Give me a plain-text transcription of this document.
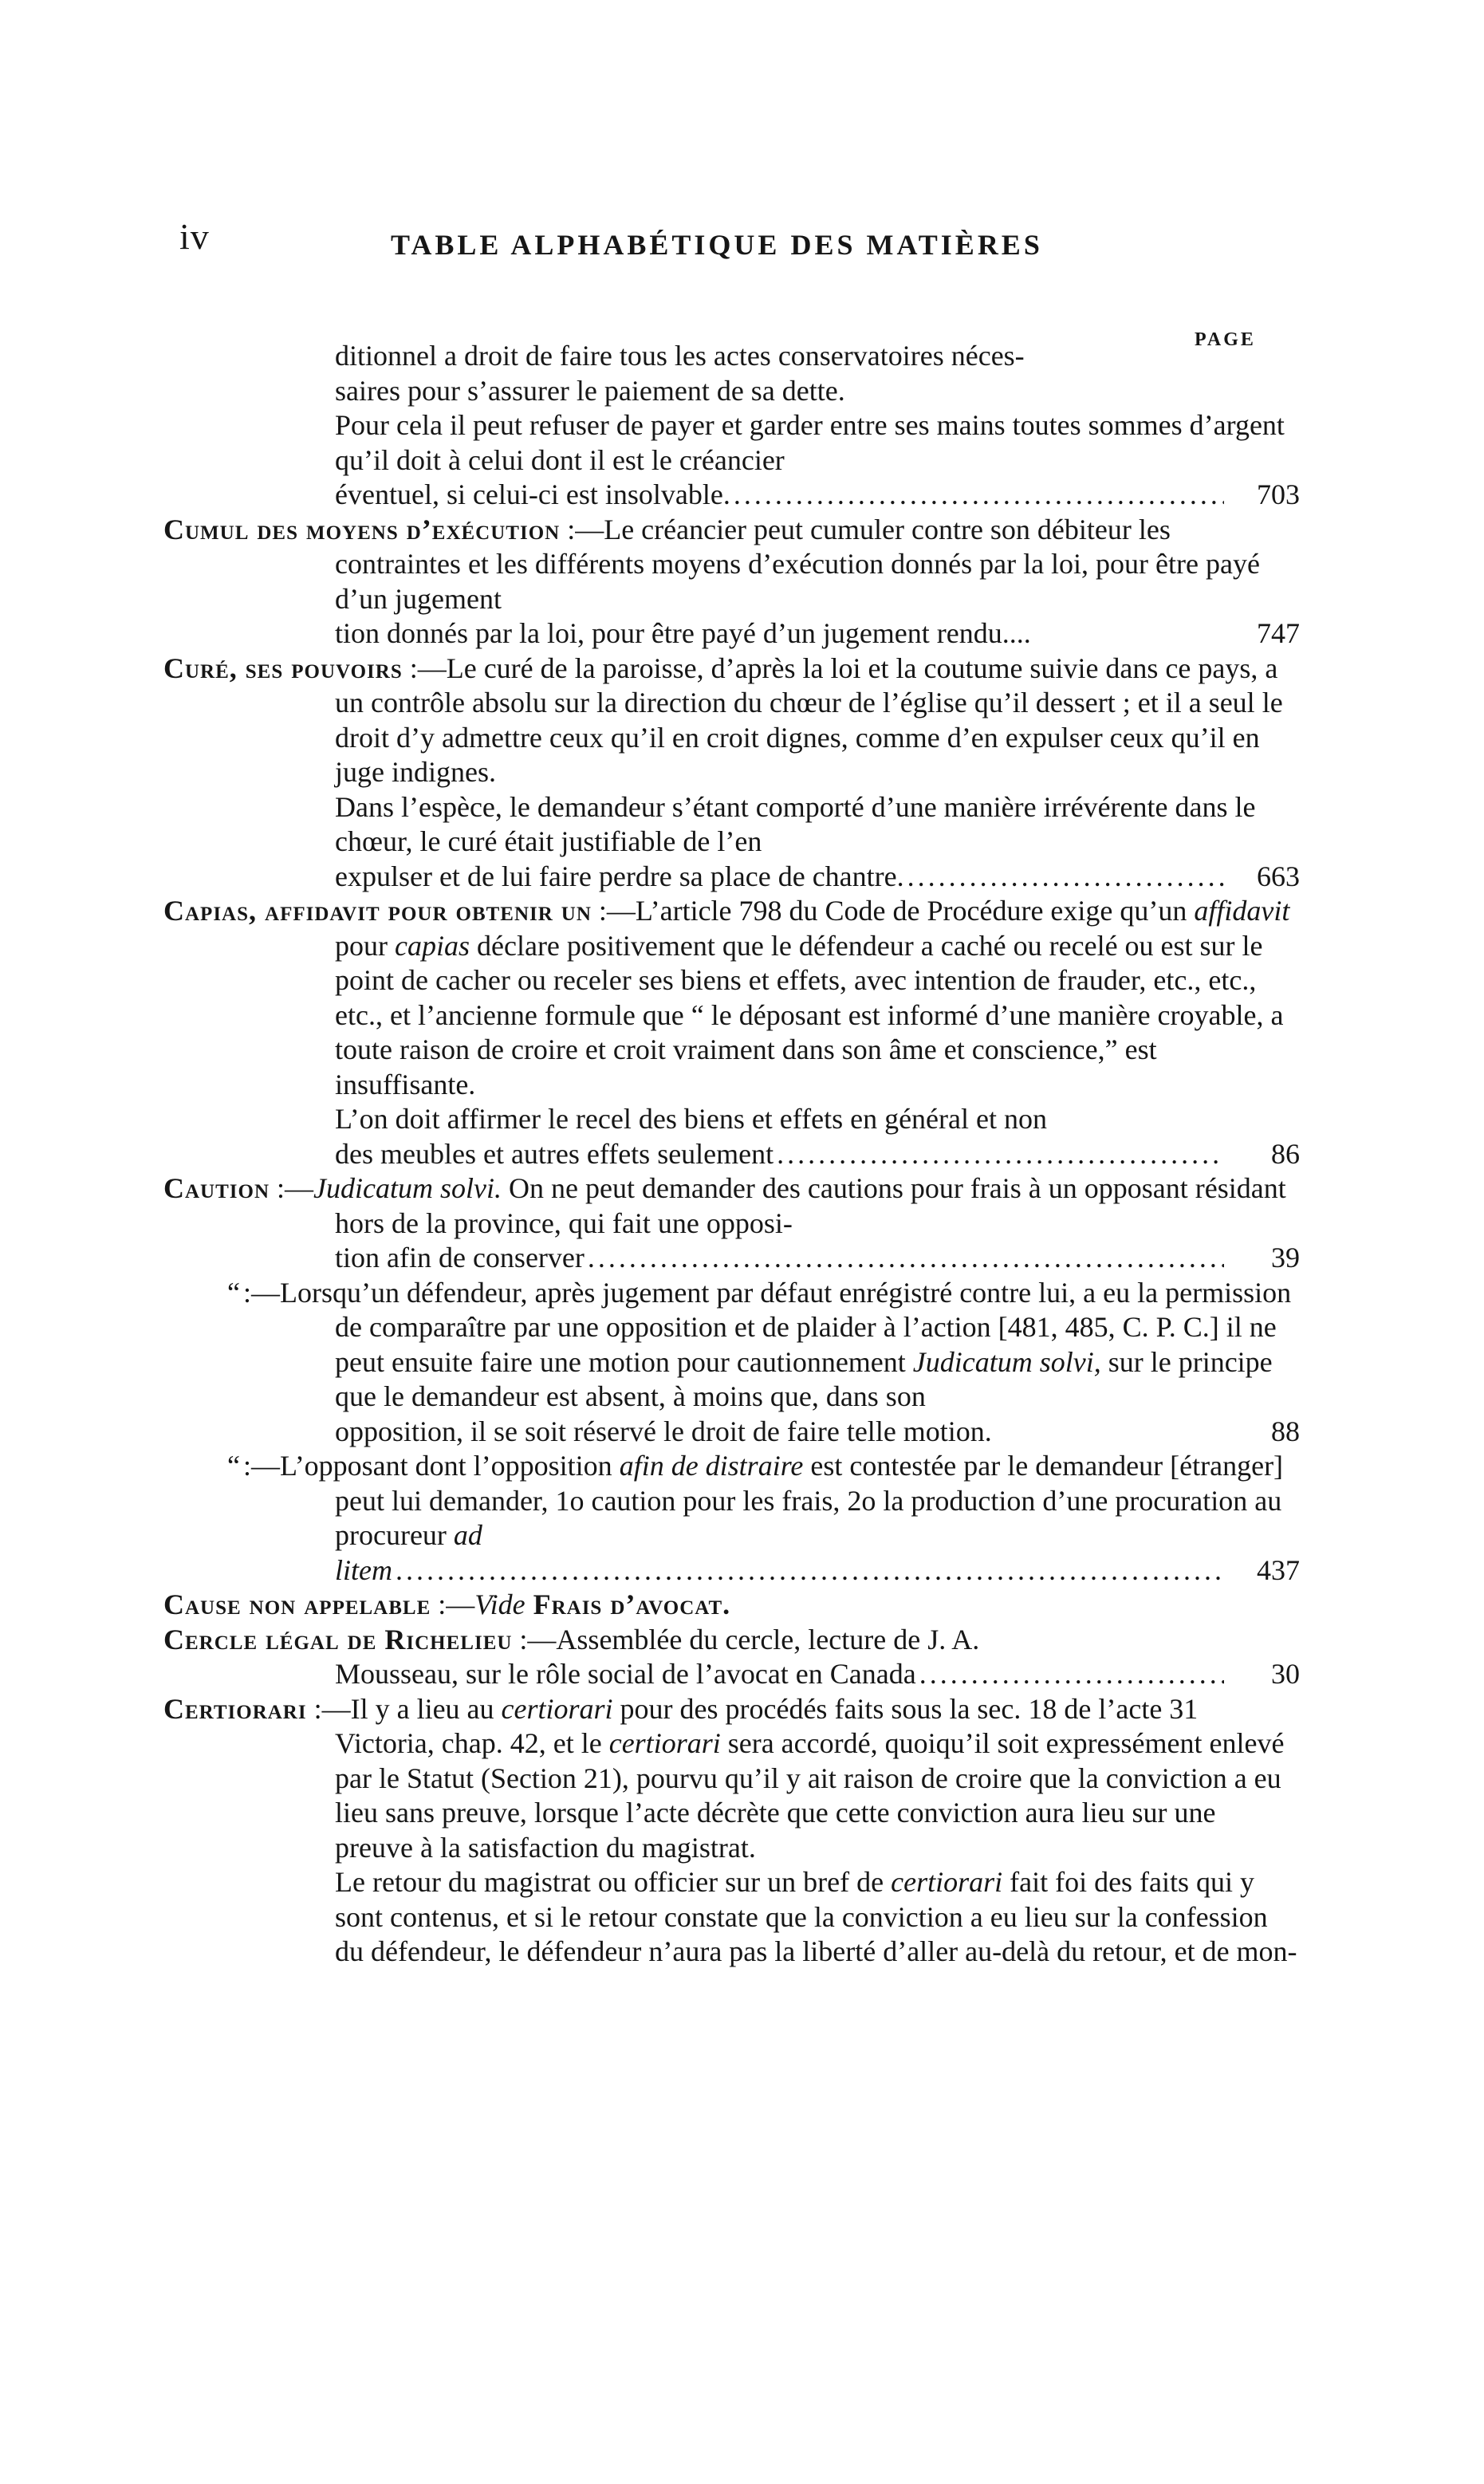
iv	TABLE ALPHABÉTIQUE DES MATIÈRES
PAGE
ditionnel a droit de faire tous les actes conservatoires néces-
saires pour s’assurer le paiement de sa dette.
Pour cela il peut refuser de payer et garder entre ses mains toutes sommes d’argent qu’il doit à celui dont il est le créancier
éventuel, si celui-ci est insolvable. .....	703
Cumul des moyens d’exécution :—Le créancier peut cumuler contre son débiteur les contraintes et les différents moyens d’exécution donnés par la loi, pour être payé d’un jugement
tion donnés par la loi, pour être payé d’un jugement rendu....	747
Curé, ses pouvoirs :—Le curé de la paroisse, d’après la loi et la coutume suivie dans ce pays, a un contrôle absolu sur la direction du chœur de l’église qu’il dessert ; et il a seul le droit d’y admettre ceux qu’il en croit dignes, comme d’en expulser ceux qu’il en juge indignes.
Dans l’espèce, le demandeur s’étant comporté d’une manière irrévérente dans le chœur, le curé était justifiable de l’en
expulser et de lui faire perdre sa place de chantre. .....	663
Capias, affidavit pour obtenir un :—L’article 798 du Code de Procédure exige qu’un affidavit pour capias déclare positivement que le défendeur a caché ou recelé ou est sur le point de cacher ou receler ses biens et effets, avec intention de frauder, etc., etc., etc., et l’ancienne formule que “ le déposant est informé d’une manière croyable, a toute raison de croire et croit vraiment dans son âme et conscience,” est insuffisante.
L’on doit affirmer le recel des biens et effets en général et non
des meubles et autres effets seulement .....	86
Caution :—Judicatum solvi. On ne peut demander des cautions pour frais à un opposant résidant hors de la province, qui fait une opposi-
tion afin de conserver .....	39
“ :—Lorsqu’un défendeur, après jugement par défaut enrégistré contre lui, a eu la permission de comparaître par une opposition et de plaider à l’action [481, 485, C. P. C.] il ne peut ensuite faire une motion pour cautionnement Judicatum solvi, sur le principe que le demandeur est absent, à moins que, dans son
opposition, il se soit réservé le droit de faire telle motion.	88
“ :—L’opposant dont l’opposition afin de distraire est contestée par le demandeur [étranger] peut lui demander, 1o caution pour les frais, 2o la production d’une procuration au procureur ad
litem .....	437
Cause non appelable :—Vide Frais d’avocat.
Cercle légal de Richelieu :—Assemblée du cercle, lecture de J. A.
Mousseau, sur le rôle social de l’avocat en Canada .....	30
Certiorari :—Il y a lieu au certiorari pour des procédés faits sous la sec. 18 de l’acte 31 Victoria, chap. 42, et le certiorari sera accordé, quoiqu’il soit expressément enlevé par le Statut (Section 21), pourvu qu’il y ait raison de croire que la conviction a eu lieu sans preuve, lorsque l’acte décrète que cette conviction aura lieu sur une preuve à la satisfaction du magistrat.
Le retour du magistrat ou officier sur un bref de certiorari fait foi des faits qui y sont contenus, et si le retour constate que la conviction a eu lieu sur la confession du défendeur, le défendeur n’aura pas la liberté d’aller au-delà du retour, et de mon-
